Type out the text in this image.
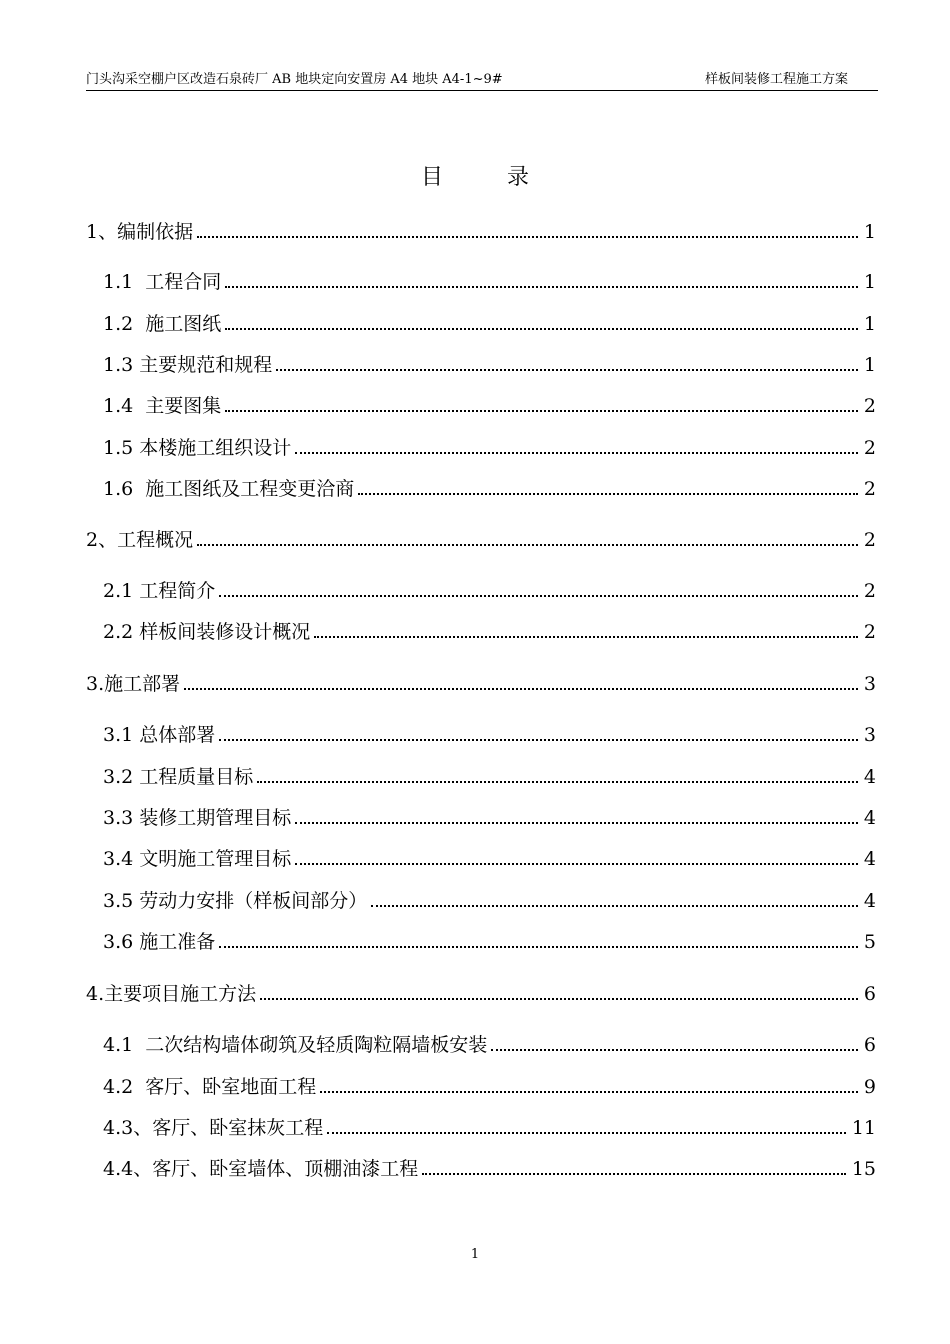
门头沟采空棚户区改造石泉砖厂 AB 地块定向安置房 A4 地块 A4-1~9#	样板间装修工程施工方案
目录
1、编制依据	1
1.1  工程合同	1
1.2  施工图纸	1
1.3 主要规范和规程	1
1.4  主要图集	2
1.5 本楼施工组织设计	2
1.6  施工图纸及工程变更洽商	2
2、工程概况	2
2.1 工程简介	2
2.2 样板间装修设计概况	2
3.施工部署	3
3.1 总体部署	3
3.2 工程质量目标	4
3.3 装修工期管理目标	4
3.4 文明施工管理目标	4
3.5 劳动力安排（样板间部分）	4
3.6 施工准备	5
4.主要项目施工方法	6
4.1  二次结构墙体砌筑及轻质陶粒隔墙板安装	6
4.2  客厅、卧室地面工程	9
4.3、客厅、卧室抹灰工程	11
4.4、客厅、卧室墙体、顶棚油漆工程	15
1
